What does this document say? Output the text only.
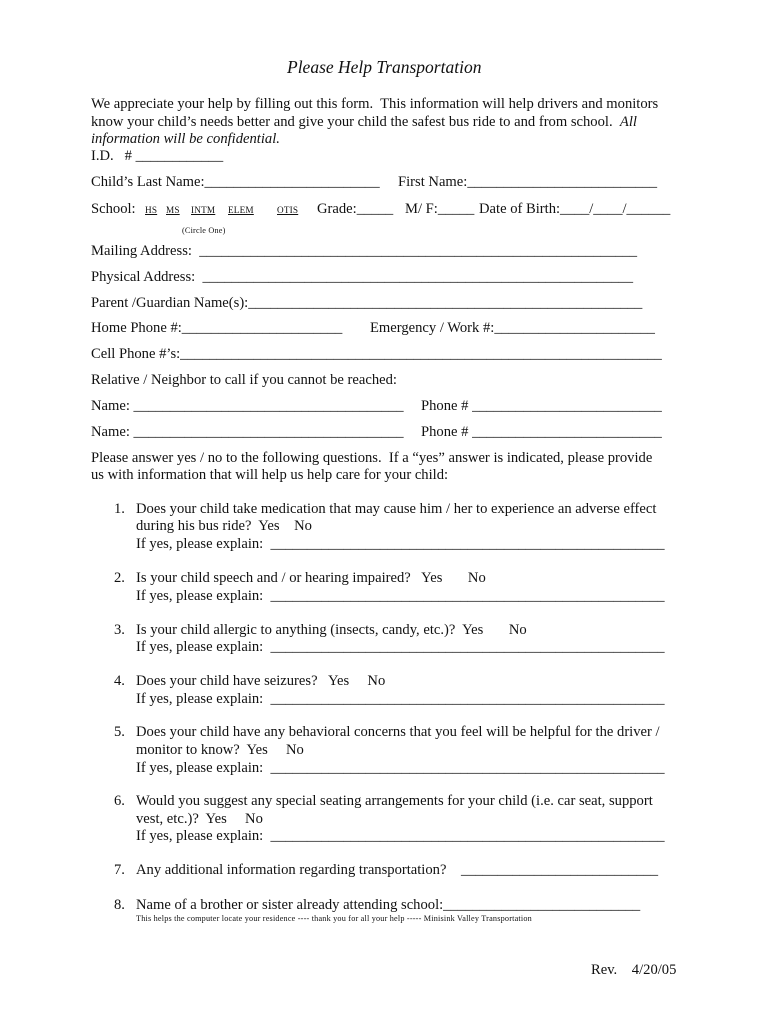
Please Help Transportation
We appreciate your help by filling out this form.  This information will help drivers and monitors
know your child’s needs better and give your child the safest bus ride to and from school.  All
information will be confidential.
I.D.   # ____________
Child’s Last Name:________________________ First Name:__________________________
School: HS MS INTM ELEM	OTIS Grade:_____ M/ F:_____ Date of Birth:____/____/______
(Circle One)
Mailing Address:  ____________________________________________________________
Physical Address:  ___________________________________________________________
Parent /Guardian Name(s):______________________________________________________
Home Phone #:______________________ Emergency / Work #:______________________
Cell Phone #’s:__________________________________________________________________
Relative / Neighbor to call if you cannot be reached:
Name: _____________________________________ Phone # __________________________
Name: _____________________________________ Phone # __________________________
Please answer yes / no to the following questions.  If a “yes” answer is indicated, please provide
us with information that will help us help care for your child:
1. Does your child take medication that may cause him / her to experience an adverse effect
during his bus ride?  Yes    No
If yes, please explain:  ______________________________________________________
2. Is your child speech and / or hearing impaired?   Yes       No
If yes, please explain:  ______________________________________________________
3. Is your child allergic to anything (insects, candy, etc.)?  Yes       No
If yes, please explain:  ______________________________________________________
4. Does your child have seizures?   Yes     No
If yes, please explain:  ______________________________________________________
5. Does your child have any behavioral concerns that you feel will be helpful for the driver /
monitor to know?  Yes     No
If yes, please explain:  ______________________________________________________
6. Would you suggest any special seating arrangements for your child (i.e. car seat, support
vest, etc.)?  Yes     No
If yes, please explain:  ______________________________________________________
7. Any additional information regarding transportation?    ___________________________
8. Name of a brother or sister already attending school:___________________________
This helps the computer locate your residence ---- thank you for all your help ----- Minisink Valley Transportation
Rev.    4/20/05
